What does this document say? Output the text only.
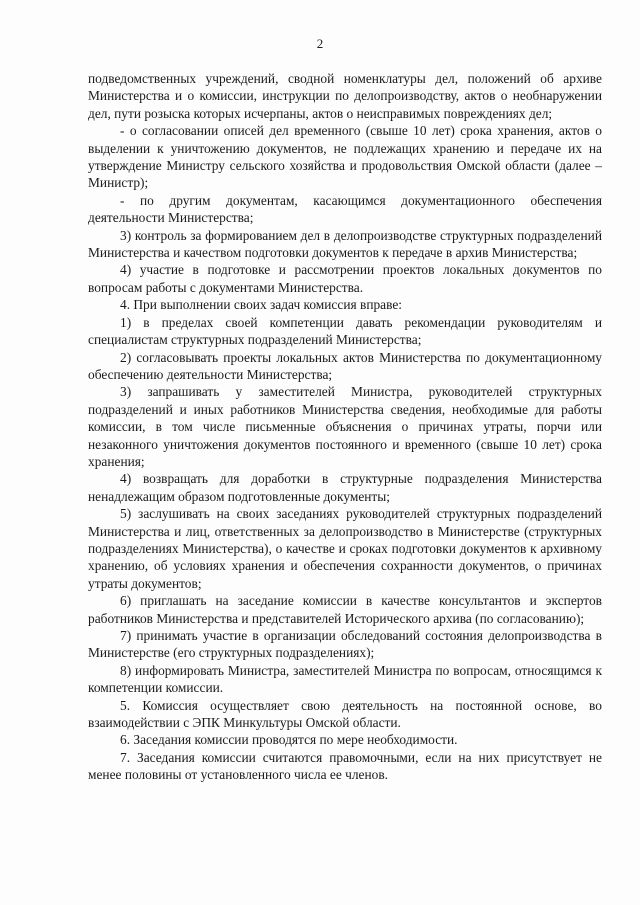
2

подведомственных учреждений, сводной номенклатуры дел, положений об архиве Министерства и о комиссии, инструкции по делопроизводству, актов о необнаружении дел, пути розыска которых исчерпаны, актов о неисправимых повреждениях дел;

- о согласовании описей дел временного (свыше 10 лет) срока хранения, актов о выделении к уничтожению документов, не подлежащих хранению и передаче их на утверждение Министру сельского хозяйства и продовольствия Омской области (далее – Министр);

- по другим документам, касающимся документационного обеспечения деятельности Министерства;

3) контроль за формированием дел в делопроизводстве структурных подразделений Министерства и качеством подготовки документов к передаче в архив Министерства;

4) участие в подготовке и рассмотрении проектов локальных документов по вопросам работы с документами Министерства.

4. При выполнении своих задач комиссия вправе:

1) в пределах своей компетенции давать рекомендации руководителям и специалистам структурных подразделений Министерства;

2) согласовывать проекты локальных актов Министерства по документационному обеспечению деятельности Министерства;

3) запрашивать у заместителей Министра, руководителей структурных подразделений и иных работников Министерства сведения, необходимые для работы комиссии, в том числе письменные объяснения о причинах утраты, порчи или незаконного уничтожения документов постоянного и временного (свыше 10 лет) срока хранения;

4) возвращать для доработки в структурные подразделения Министерства ненадлежащим образом подготовленные документы;

5) заслушивать на своих заседаниях руководителей структурных подразделений Министерства и лиц, ответственных за делопроизводство в Министерстве (структурных подразделениях Министерства), о качестве и сроках подготовки документов к архивному хранению, об условиях хранения и обеспечения сохранности документов, о причинах утраты документов;

6) приглашать на заседание комиссии в качестве консультантов и экспертов работников Министерства и представителей Исторического архива (по согласованию);

7) принимать участие в организации обследований состояния делопроизводства в Министерстве (его структурных подразделениях);

8) информировать Министра, заместителей Министра по вопросам, относящимся к компетенции комиссии.

5. Комиссия осуществляет свою деятельность на постоянной основе, во взаимодействии с ЭПК Минкультуры Омской области.

6. Заседания комиссии проводятся по мере необходимости.

7. Заседания комиссии считаются правомочными, если на них присутствует не менее половины от установленного числа ее членов.
